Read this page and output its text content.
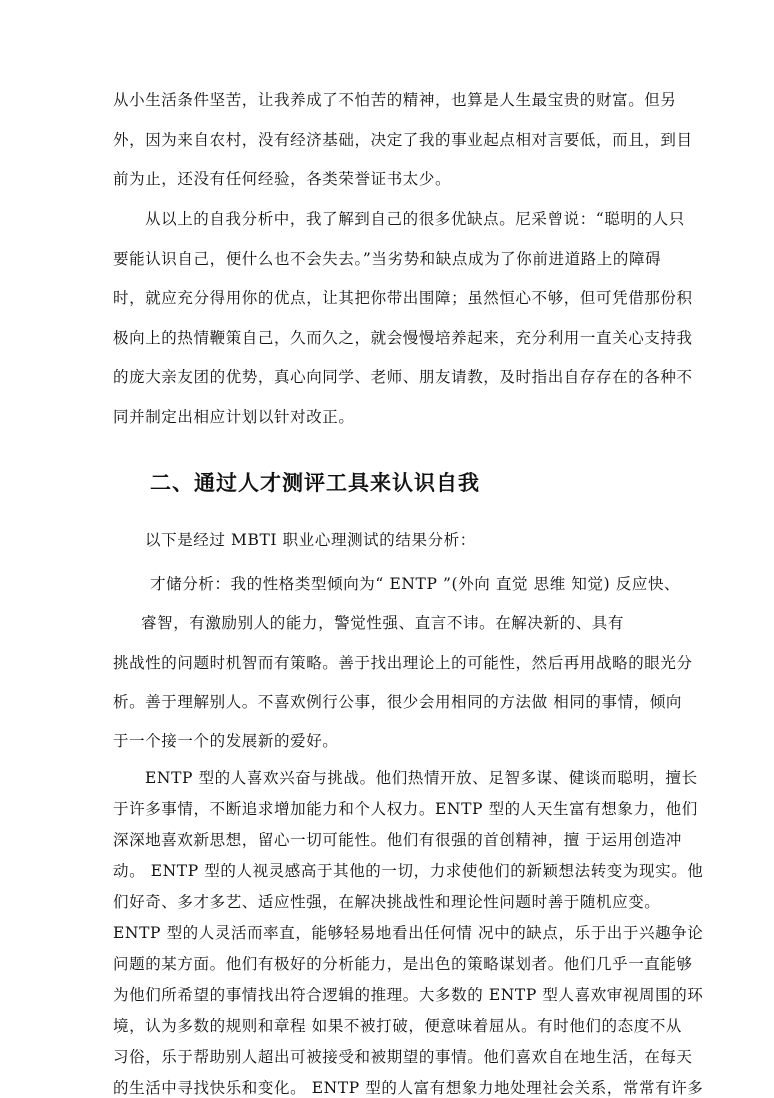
从小生活条件坚苦，让我养成了不怕苦的精神，也算是人生最宝贵的财富。但另
外，因为来自农村，没有经济基础，决定了我的事业起点相对言要低，而且，到目
前为止，还没有任何经验，各类荣誉证书太少。
从以上的自我分析中，我了解到自己的很多优缺点。尼采曾说：“聪明的人只
要能认识自己，便什么也不会失去。”当劣势和缺点成为了你前进道路上的障碍
时，就应充分得用你的优点，让其把你带出围障；虽然恒心不够，但可凭借那份积
极向上的热情鞭策自己，久而久之，就会慢慢培养起来，充分利用一直关心支持我
的庞大亲友团的优势，真心向同学、老师、朋友请教，及时指出自存存在的各种不
同并制定出相应计划以针对改正。
二、通过人才测评工具来认识自我
以下是经过 MBTI 职业心理测试的结果分析：
才储分析：我的性格类型倾向为“ ENTP ”(外向 直觉 思维 知觉) 反应快、
睿智，有激励别人的能力，警觉性强、直言不讳。在解决新的、具有
挑战性的问题时机智而有策略。善于找出理论上的可能性，然后再用战略的眼光分
析。善于理解别人。不喜欢例行公事，很少会用相同的方法做 相同的事情，倾向
于一个接一个的发展新的爱好。
ENTP 型的人喜欢兴奋与挑战。他们热情开放、足智多谋、健谈而聪明，擅长
于许多事情，不断追求增加能力和个人权力。ENTP 型的人天生富有想象力，他们
深深地喜欢新思想，留心一切可能性。他们有很强的首创精神，擅 于运用创造冲
动。 ENTP 型的人视灵感高于其他的一切，力求使他们的新颖想法转变为现实。他
们好奇、多才多艺、适应性强，在解决挑战性和理论性问题时善于随机应变。
ENTP 型的人灵活而率直，能够轻易地看出任何情 况中的缺点，乐于出于兴趣争论
问题的某方面。他们有极好的分析能力，是出色的策略谋划者。他们几乎一直能够
为他们所希望的事情找出符合逻辑的推理。大多数的 ENTP 型人喜欢审视周围的环
境，认为多数的规则和章程 如果不被打破，便意味着屈从。有时他们的态度不从
习俗，乐于帮助别人超出可被接受和被期望的事情。他们喜欢自在地生活，在每天
的生活中寻找快乐和变化。 ENTP 型的人富有想象力地处理社会关系，常常有许多
